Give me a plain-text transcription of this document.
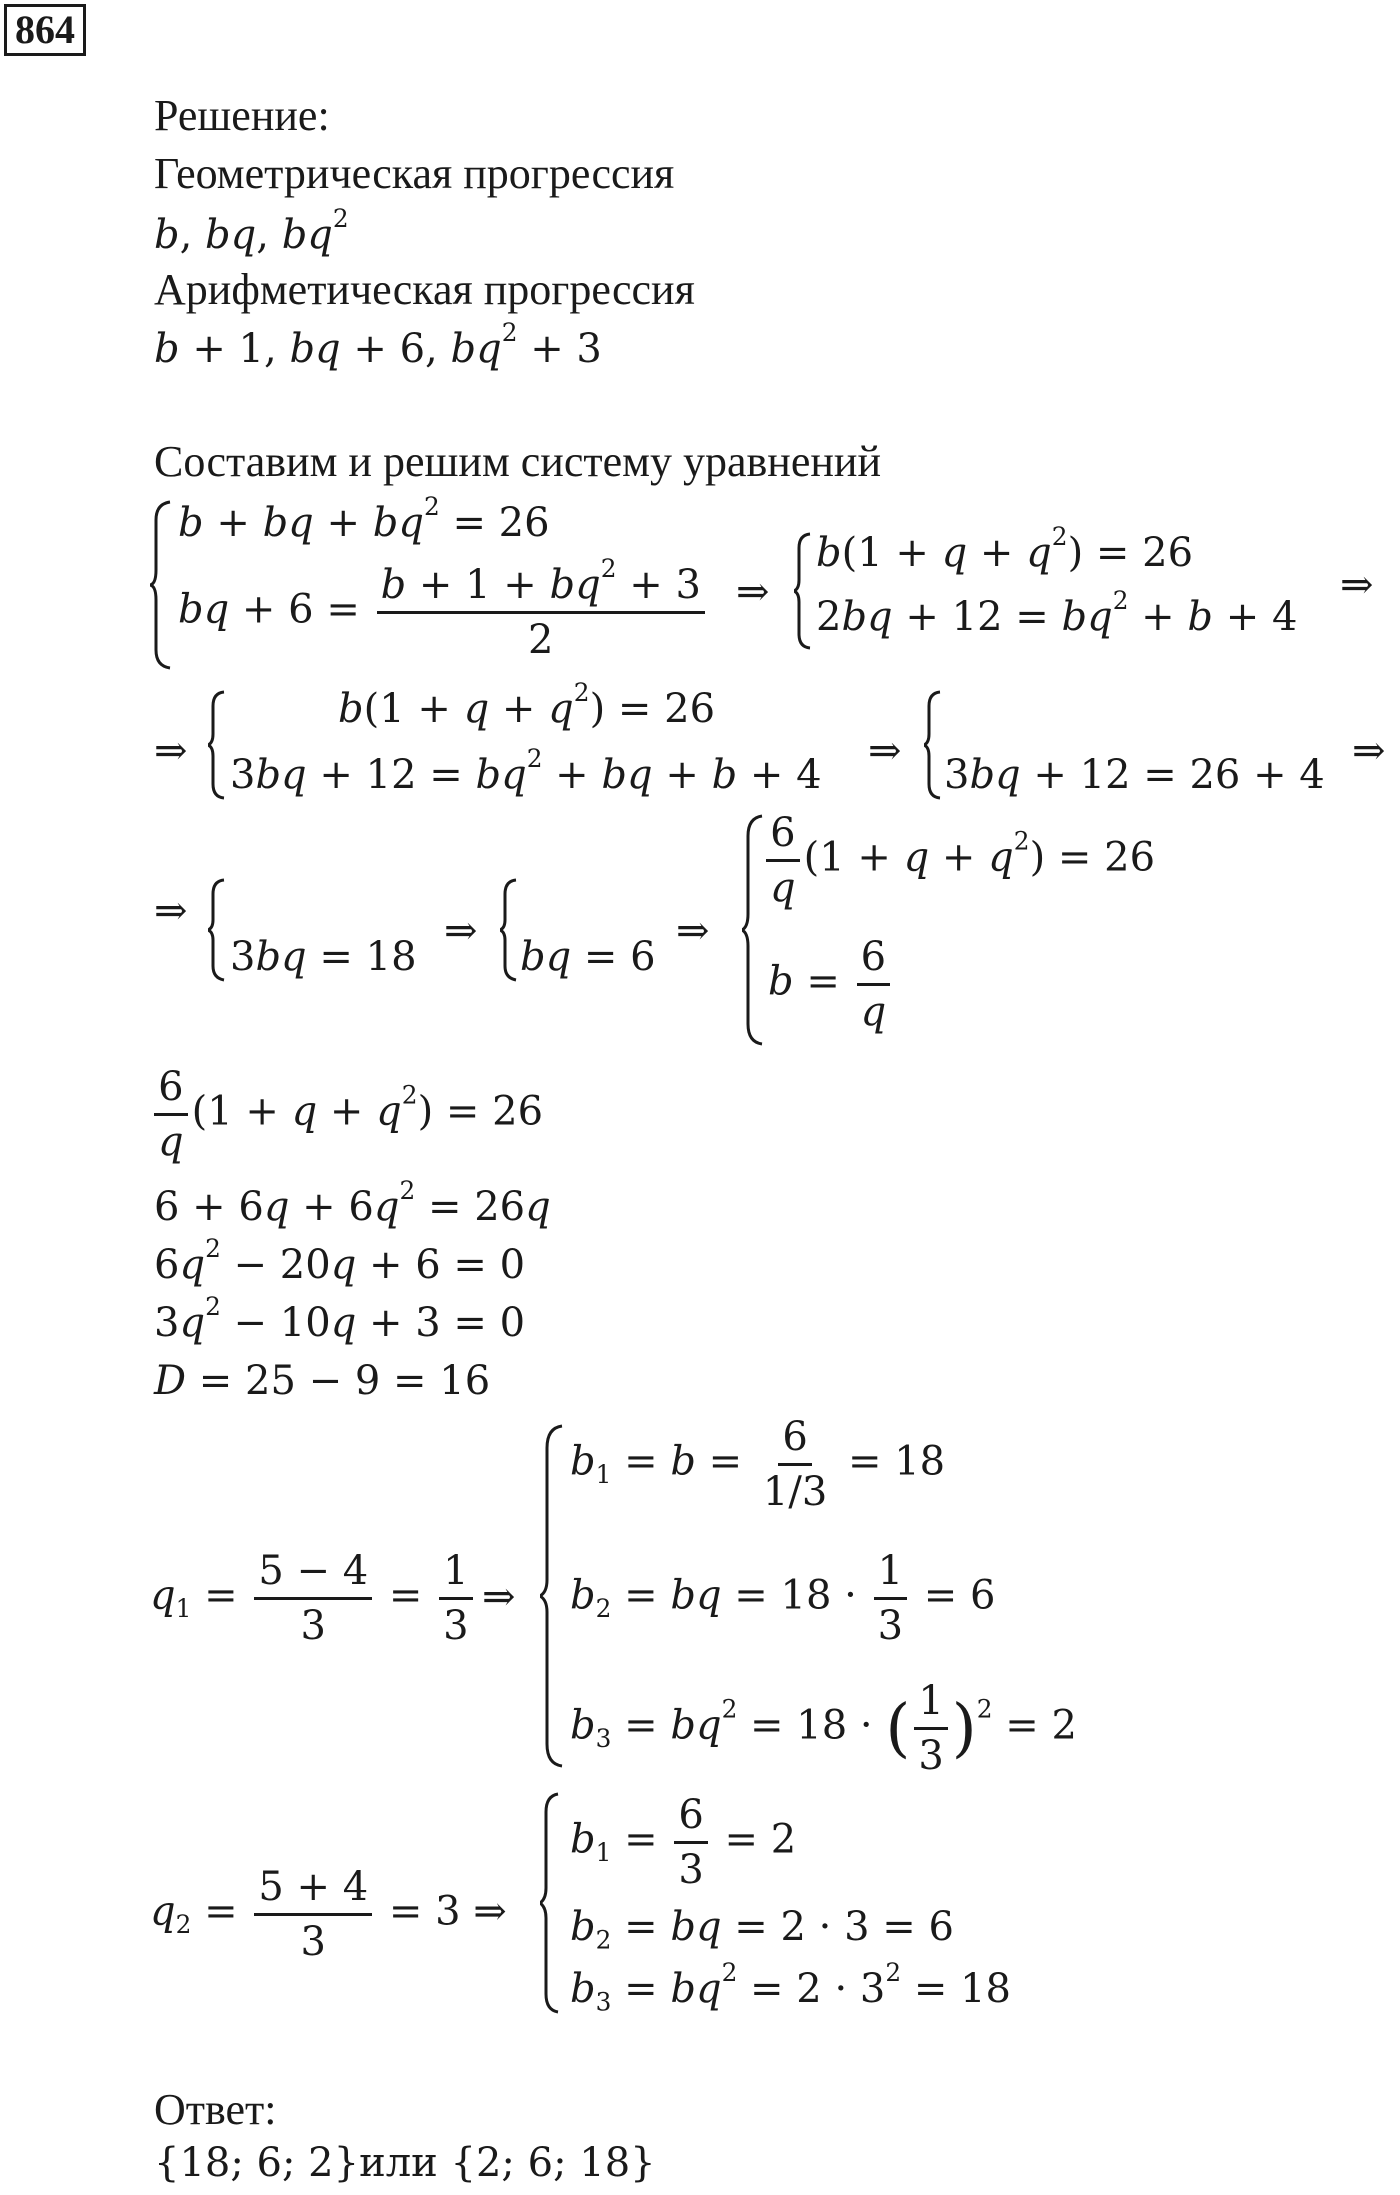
864
Решение:
Геометрическая прогрессия
b, bq, $bq^2$
Арифметическая прогрессия
b + 1, bq + 6, $bq^2 + 3$
Составим и решим систему уравнений
b + bq + $bq^2 = 26$
bq + $6 = \frac{b + 1 + bq^2 + 3}{2}$ ⇒
$b(1 + q + q^2) = 26$
$2bq + 12 = bq^2 + b + 4$
⇒
⇒
$b(1 + q + q^2) = 26$
$3bq + 12 = bq^2$ + bq + b + 4
⇒
3bq + 12 = 26 + 4
⇒
⇒
3bq = 18
⇒
bq = 6
⇒
$\frac{6}{q} (1 + q + q^2) = 26$
$b = \frac{6}{q}$
$\frac{6}{q} (1 + q + q^2) = 26$
$6 + 6q + 6q^2 = 26q$
$6q^2 - 20q + 6 = 0$
$3q^2 - 10q + 3 = 0$
D = 25 − 9 = 16
$q_1 = \frac{5 - 4}{3} = \frac{1}{3}$ ⇒
$b_1 = b = \frac{6}{1/3} = 18$
$b_2$ = bq = $18 \cdot \frac{1}{3} = 6$
$b_3 = bq^2 = 18$ · ( $\frac{1}{3} )^2 = 2$
$q_2 = \frac{5 + 4}{3} = 3$ ⇒
$b_1 = \frac{6}{3} = 2$
$b_2$ = bq = 2 · 3 = 6
$b_3 = bq^2 = 2 \cdot 3^2 = 18$
Ответ:
{18; 6; 2}или {2; 6; 18}
